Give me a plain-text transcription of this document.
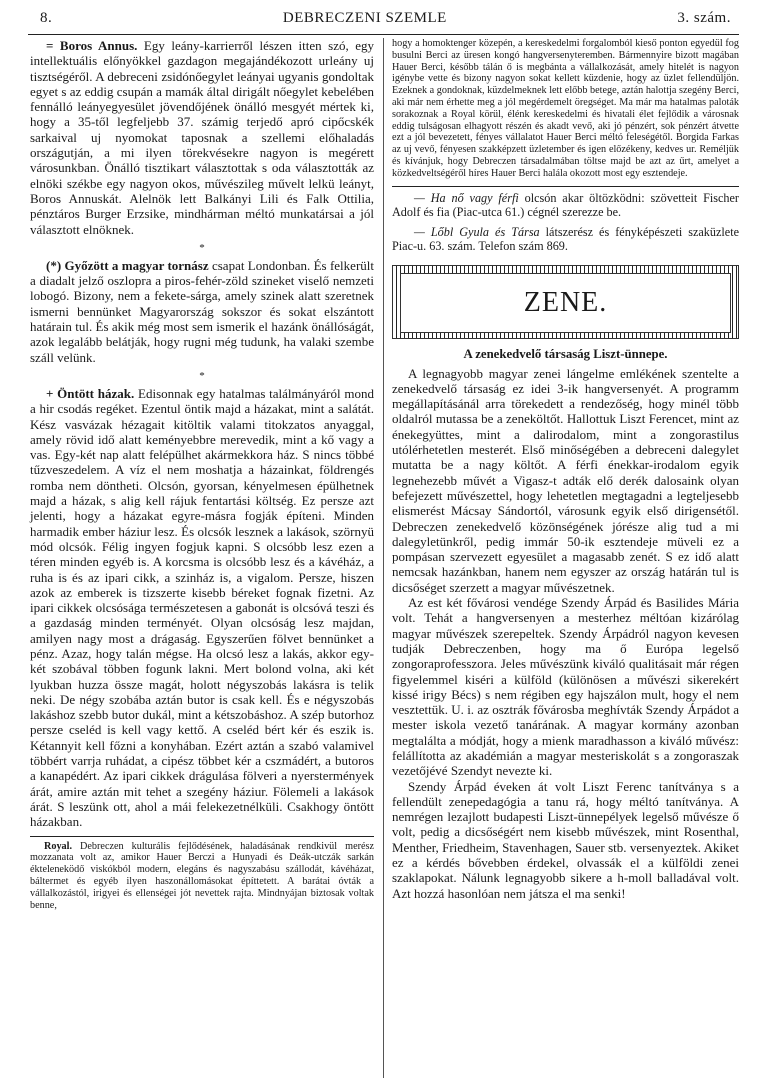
8.	DEBRECZENI SZEMLE	3. szám.

= Boros Annus. Egy leány-karrierről lészen itten szó, egy intellektuális előnyökkel gazdagon megajándékozott urleány uj tisztségéről. A debreceni zsidónőegylet leányai ugyanis gondoltak egyet s az eddig csupán a mamák által dirigált nőegylet kebelében fennálló leányegyesület jövendőjének önálló mesgyét mértek ki, hogy a 35-től legfeljebb 37. számig terjedő apró cipőcskék sarkaival uj nyomokat taposnak a szellemi előhaladás országutján, a mi ilyen törekvésekre nagyon is megérett városunkban. Önálló tisztikart választottak s oda választották az elnöki székbe egy nagyon okos, művészileg művelt lelkü leányt, Boros Annuskát. Alelnök lett Balkányi Lili és Falk Ottilia, pénztáros Burger Erzsike, mindhárman méltó munkatársai a jól választott elnöknek.

*

(*) Győzött a magyar tornász csapat Londonban. És felkerült a diadalt jelző oszlopra a piros-fehér-zöld szineket viselő nemzeti lobogó. Bizony, nem a fekete-sárga, amely szinek alatt szeretnek ismerni bennünket Magyarország sokszor és sokat elszántott határain tul. És akik még most sem ismerik el hazánk önállóságát, azok legalább belátják, hogy rugni még tudunk, ha valaki szembe száll velünk.

*

+ Öntött házak. Edisonnak egy hatalmas találmányáról mond a hir csodás regéket. Ezentul öntik majd a házakat, mint a salátát. Kész vasvázak hézagait kitöltik valami titokzatos anyaggal, amely rövid idő alatt keményebbre merevedik, mint a kő vagy a vas. Egy-két nap alatt felépülhet akármekkora ház. S nincs többé tűzveszedelem. A víz el nem moshatja a házainkat, földrengés romba nem döntheti. Olcsón, gyorsan, kényelmesen épülhetnek majd a házak, s alig kell rájuk fentartási költség. Ez persze azt jelenti, hogy a házakat egyre-másra fogják építeni. Minden harmadik ember háziur lesz. És olcsók lesznek a lakások, szörnyü mód olcsók. Félig ingyen fogjuk kapni. S olcsóbb lesz ezen a téren minden egyéb is. A korcsma is olcsóbb lesz és a kávéház, a ruha is és az ipari cikk, a szinház is, a vigalom. Persze, hiszen azok az emberek is tizszerte kisebb béreket fognak fizetni. Az ipari cikkek olcsósága természetesen a gabonát is olcsóvá teszi és a gazdaság minden terményét. Olyan olcsóság lesz majdan, amilyen nagy most a drágaság. Egyszerűen fölvet bennünket a pénz. Azaz, hogy talán mégse. Ha olcsó lesz a lakás, akkor egy-két szobával többen fogunk lakni. Mert bolond volna, aki két lyukban huzza össze magát, holott négyszobás lakásra is telik neki. De négy szobába aztán butor is csak kell. És e négyszobás lakáshoz szebb butor dukál, mint a kétszobáshoz. A szép butorhoz persze cseléd is kell vagy kettő. A cseléd bért kér és eszik is. Kétannyit kell főzni a konyhában. Ezért aztán a szabó valamivel többért varrja ruhádat, a cipész többet kér a cszmádért, a butoros a kanapédért. Az ipari cikkek drágulása fölveri a nyerstermények árát, amire aztán mit tehet a szegény háziur. Fölemeli a lakások árát. S leszünk ott, ahol a mái felekezetnélküli. Csakhogy öntött házakban.

Royal. Debreczen kulturális fejlődésének, haladásának rendkivül merész mozzanata volt az, amikor Hauer Berczi a Hunyadi és Deák-utczák sarkán ékteleneködő viskókból modern, elegáns és nagyszabásu szállodát, kávéházat, báltermet és egyéb ilyen haszonállomásokat építtetett. A barátai óvták a vállalkozástól, irigyei és ellenségei jót nevettek rajta. Mindnyájan biztosak voltak benne,

hogy a homoktenger közepén, a kereskedelmi forgalomból kieső ponton egyedül fog busulni Berci az üresen kongó hangversenyteremben. Bármennyire bizott magában Hauer Berci, később tálán ő is megbánta a vállalkozását, amely hitelét is nagyon igénybe vette és bizony nagyon sokat kellett küzdenie, hogy az üzlet fellendüljön. Ezeknek a gondoknak, küzdelmeknek lett előbb betege, aztán halottja szegény Berci, aki már nem érhette meg a jól megérdemelt öregséget. Ma már ma hatalmas paloták sorakoznak a Royal körül, élénk kereskedelmi és hivatali élet fejlődik a városnak eddig tulságosan elhagyott részén és akadt vevő, aki jó pénzért, sok pénzért átvette ezt a jól bevezetett, fényes vállalatot Hauer Berci méltó feleségétől. Borgida Farkas az uj vevő, fényesen szakképzett üzletember és igen előzékeny, kedves ur. Reméljük és kívánjuk, hogy Debreczen társadalmában töltse majd be azt az űrt, amelyet a közkedveltségéről híres Hauer Berci halála okozott most egy esztendeje.

— Ha nő vagy férfi olcsón akar öltözködni: szövetteit Fischer Adolf és fia (Piac-utca 61.) cégnél szerezze be.

— Lőbl Gyula és Társa látszerész és fényképészeti szaküzlete Piac-u. 63. szám. Telefon szám 869.

ZENE.
A zenekedvelő társaság Liszt-ünnepe.

A legnagyobb magyar zenei lángelme emlékének szentelte a zenekedvelő társaság ez idei 3-ik hangversenyét. A programm megállapításánál arra törekedett a rendezőség, hogy minél több oldalról mutassa be a zeneköltőt. Hallottuk Liszt Ferencet, mint az énekegyüttes, mint a dalirodalom, mint a zongorastilus utólérhetetlen mesterét. Első minőségében a debreceni dalegylet mutatta be a nagy költőt. A férfi énekkar-irodalom egyik legnehezebb művét a Vigasz-t adták elő derék dalosaink olyan befejezett művészettel, hogy lehetetlen megtagadni a legteljesebb elismerést Mácsay Sándortól, városunk egyik első dirigensétől. Debreczen zenekedvelő közönségének jórésze alig tud a mi dalegyletünkről, pedig immár 50-ik esztendeje müveli ez a pompásan szervezett egyesület a magasabb zenét. S ez idő alatt nemcsak hazánkban, hanem nem egyszer az ország határán tul is dicsőséget szerzett a magyar művészetnek.

Az est két fővárosi vendége Szendy Árpád és Basilides Mária volt. Tehát a hangversenyen a mesterhez méltóan kizárólag magyar művészek szerepeltek. Szendy Árpádról nagyon kevesen tudják Debreczenben, hogy ma ő Európa legelső zongoraprofesszora. Jeles művészünk kiváló qualitásait már régen figyelemmel kiséri a külföld (különösen a művészi sikerekért kissé irigy Bécs) s nem régiben egy hajszálon mult, hogy el nem vesztettük. U. i. az osztrák fővárosba meghívták Szendy Árpádot a mester iskola vezető tanárának. A magyar kormány azonban megtalálta a módját, hogy a mienk maradhasson a kiváló művész: felállította az akadémián a magyar mesteriskolát s a zongoraszak vezetőjévé Szendyt nevezte ki.

Szendy Árpád éveken át volt Liszt Ferenc tanítványa s a fellendült zenepedagógia a tanu rá, hogy méltó tanítványa. A nemrégen lezajlott budapesti Liszt-ünnepélyek legelső művésze ő volt, pedig a dicsőségért nem kisebb művészek, mint Rosenthal, Menther, Friedheim, Stavenhagen, Sauer stb. versenyeztek. Akiket ez a kérdés bővebben érdekel, olvassák el a külföldi zenei szaklapokat. Nálunk legnagyobb sikere a h-moll balladával volt. Azt hozzá hasonlóan nem játsza el ma senki!
